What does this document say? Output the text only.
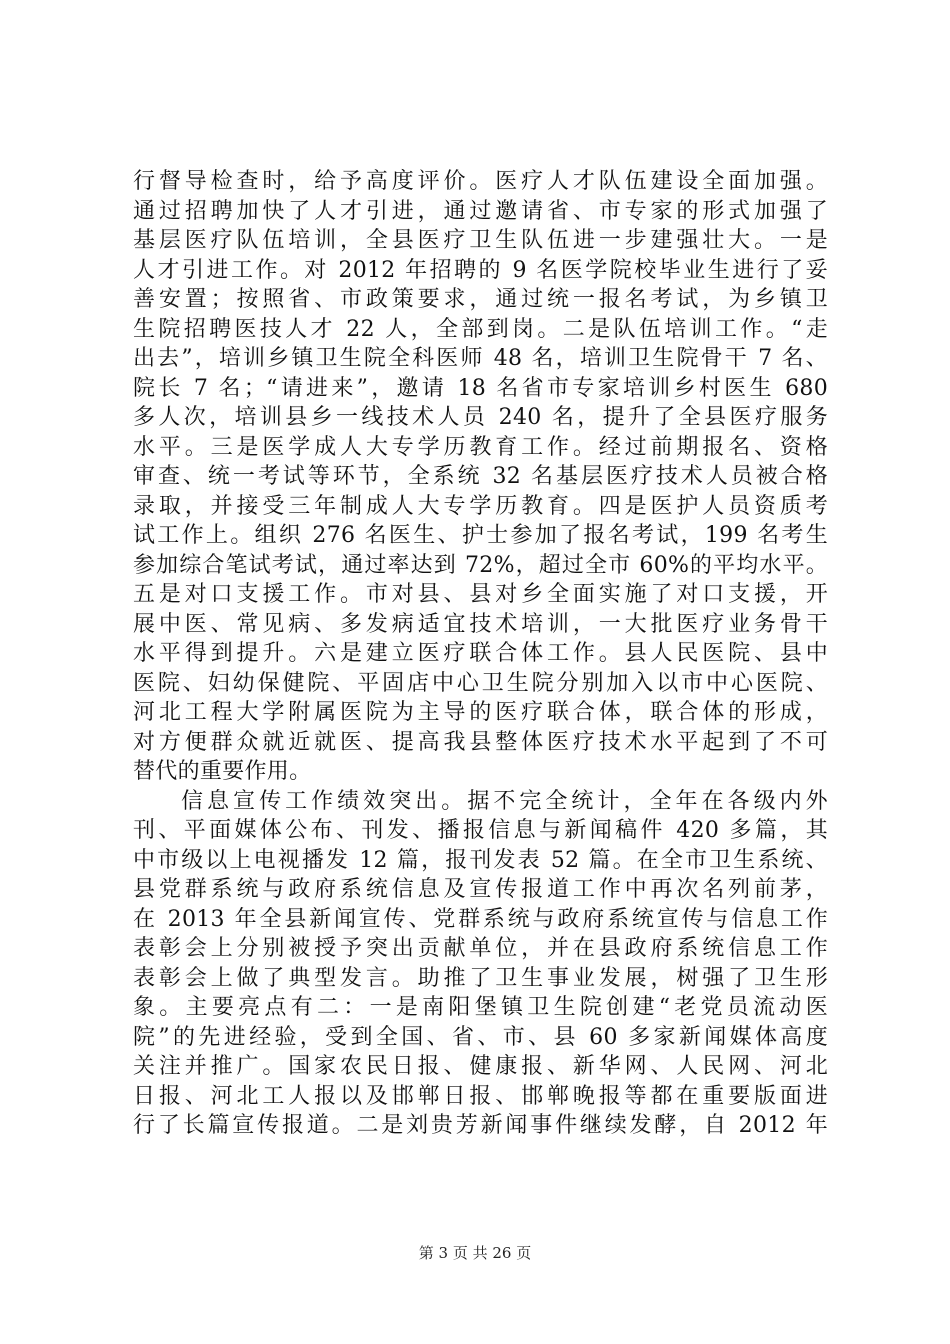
行督导检查时，给予高度评价。医疗人才队伍建设全面加强。
通过招聘加快了人才引进，通过邀请省、市专家的形式加强了
基层医疗队伍培训，全县医疗卫生队伍进一步建强壮大。一是
人才引进工作。对 2012 年招聘的 9 名医学院校毕业生进行了妥
善安置；按照省、市政策要求，通过统一报名考试，为乡镇卫
生院招聘医技人才 22 人，全部到岗。二是队伍培训工作。“走
出去”，培训乡镇卫生院全科医师 48 名，培训卫生院骨干 7 名、
院长 7 名；“请进来”，邀请 18 名省市专家培训乡村医生 680
多人次，培训县乡一线技术人员 240 名，提升了全县医疗服务
水平。三是医学成人大专学历教育工作。经过前期报名、资格
审查、统一考试等环节，全系统 32 名基层医疗技术人员被合格
录取，并接受三年制成人大专学历教育。四是医护人员资质考
试工作上。组织 276 名医生、护士参加了报名考试，199 名考生
参加综合笔试考试，通过率达到 72%，超过全市 60%的平均水平。
五是对口支援工作。市对县、县对乡全面实施了对口支援，开
展中医、常见病、多发病适宜技术培训，一大批医疗业务骨干
水平得到提升。六是建立医疗联合体工作。县人民医院、县中
医院、妇幼保健院、平固店中心卫生院分别加入以市中心医院、
河北工程大学附属医院为主导的医疗联合体，联合体的形成，
对方便群众就近就医、提高我县整体医疗技术水平起到了不可
替代的重要作用。
信息宣传工作绩效突出。据不完全统计，全年在各级内外
刊、平面媒体公布、刊发、播报信息与新闻稿件 420 多篇，其
中市级以上电视播发 12 篇，报刊发表 52 篇。在全市卫生系统、
县党群系统与政府系统信息及宣传报道工作中再次名列前茅，
在 2013 年全县新闻宣传、党群系统与政府系统宣传与信息工作
表彰会上分别被授予突出贡献单位，并在县政府系统信息工作
表彰会上做了典型发言。助推了卫生事业发展，树强了卫生形
象。主要亮点有二：一是南阳堡镇卫生院创建“老党员流动医
院”的先进经验，受到全国、省、市、县 60 多家新闻媒体高度
关注并推广。国家农民日报、健康报、新华网、人民网、河北
日报、河北工人报以及邯郸日报、邯郸晚报等都在重要版面进
行了长篇宣传报道。二是刘贵芳新闻事件继续发酵，自 2012 年
第 3 页 共 26 页
